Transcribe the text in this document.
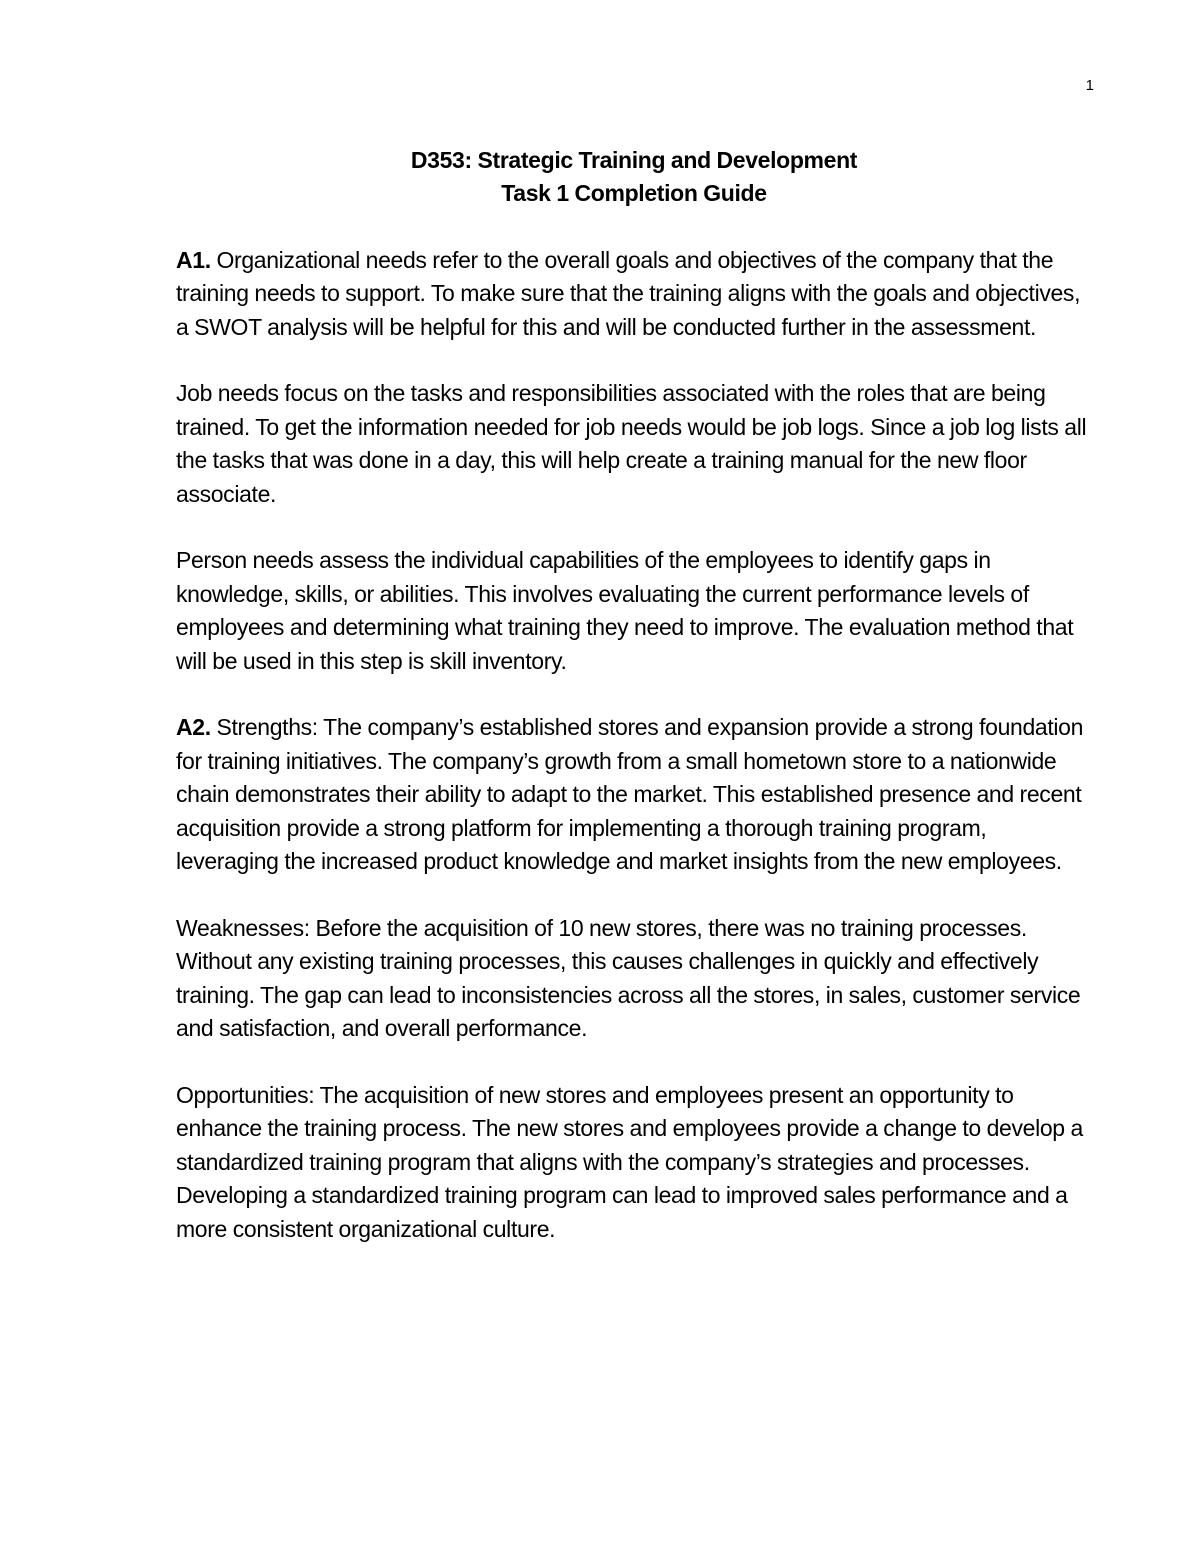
1
D353: Strategic Training and Development
Task 1 Completion Guide

A1. Organizational needs refer to the overall goals and objectives of the company that the training needs to support. To make sure that the training aligns with the goals and objectives, a SWOT analysis will be helpful for this and will be conducted further in the assessment.

Job needs focus on the tasks and responsibilities associated with the roles that are being trained. To get the information needed for job needs would be job logs. Since a job log lists all the tasks that was done in a day, this will help create a training manual for the new floor associate.

Person needs assess the individual capabilities of the employees to identify gaps in knowledge, skills, or abilities. This involves evaluating the current performance levels of employees and determining what training they need to improve. The evaluation method that will be used in this step is skill inventory.

A2. Strengths: The company’s established stores and expansion provide a strong foundation for training initiatives. The company’s growth from a small hometown store to a nationwide chain demonstrates their ability to adapt to the market. This established presence and recent acquisition provide a strong platform for implementing a thorough training program, leveraging the increased product knowledge and market insights from the new employees.

Weaknesses: Before the acquisition of 10 new stores, there was no training processes. Without any existing training processes, this causes challenges in quickly and effectively training. The gap can lead to inconsistencies across all the stores, in sales, customer service and satisfaction, and overall performance.

Opportunities: The acquisition of new stores and employees present an opportunity to enhance the training process. The new stores and employees provide a change to develop a standardized training program that aligns with the company’s strategies and processes. Developing a standardized training program can lead to improved sales performance and a more consistent organizational culture.
